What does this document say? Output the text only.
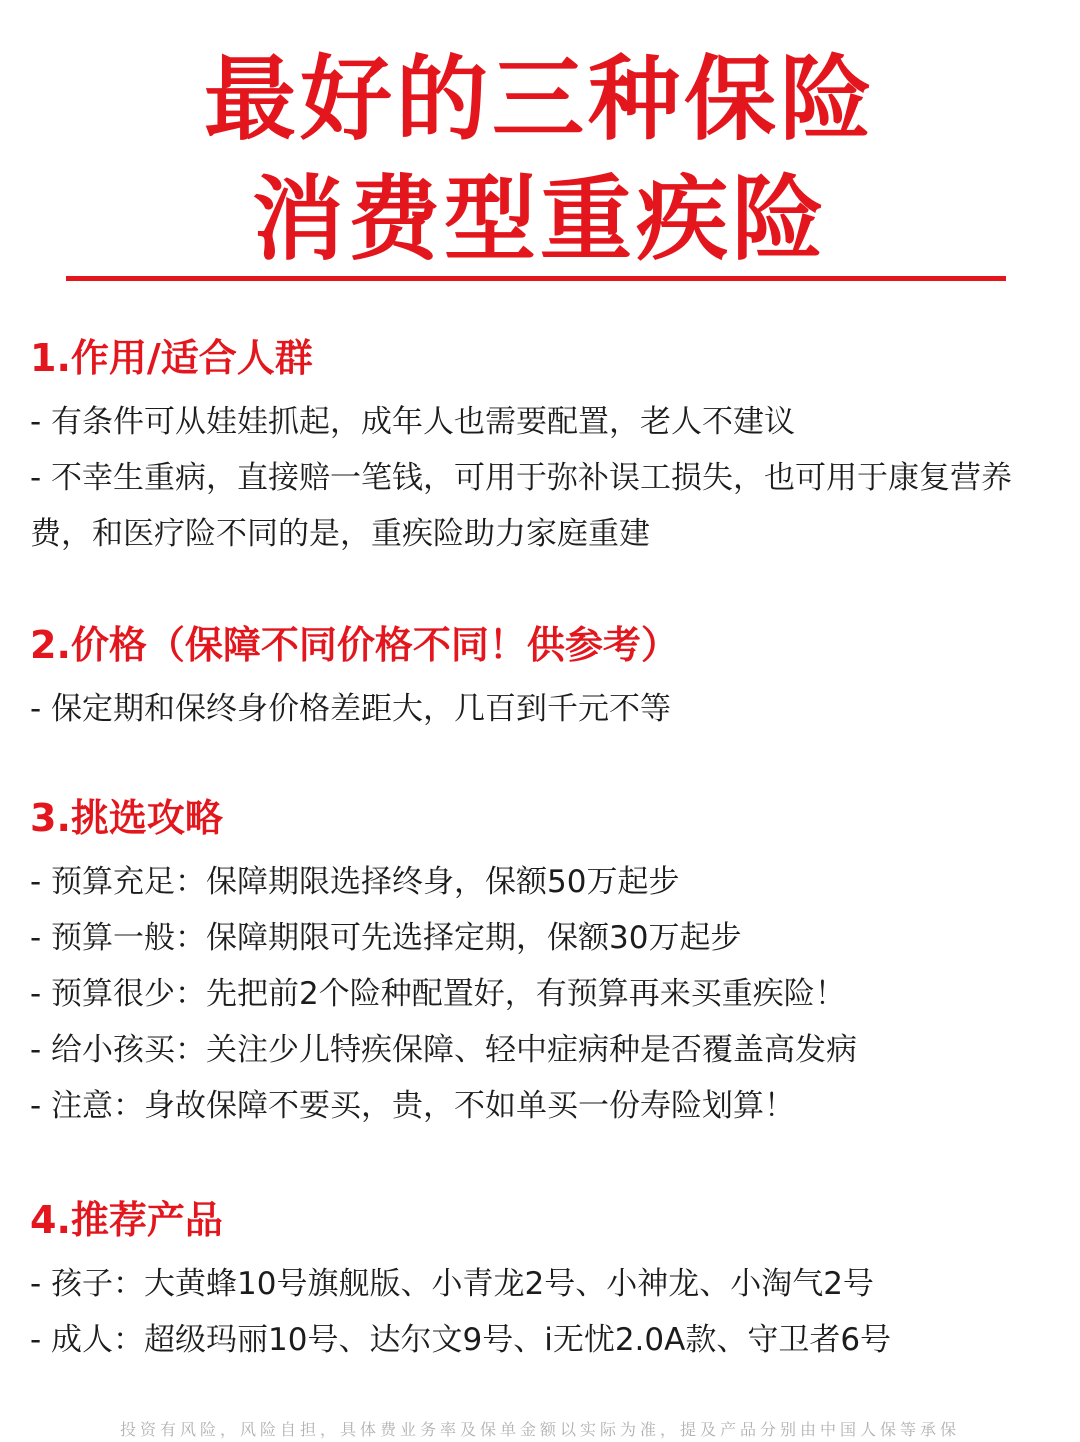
最好的三种保险
消费型重疾险
1.作用/适合人群

- 有条件可从娃娃抓起，成年人也需要配置，老人不建议

- 不幸生重病，直接赔一笔钱，可用于弥补误工损失，也可用于康复营养费，和医疗险不同的是，重疾险助力家庭重建

2.价格（保障不同价格不同！供参考）

- 保定期和保终身价格差距大，几百到千元不等

3.挑选攻略

- 预算充足：保障期限选择终身，保额50万起步

- 预算一般：保障期限可先选择定期，保额30万起步

- 预算很少：先把前2个险种配置好，有预算再来买重疾险！

- 给小孩买：关注少儿特疾保障、轻中症病种是否覆盖高发病

- 注意：身故保障不要买，贵，不如单买一份寿险划算！

4.推荐产品

- 孩子：大黄蜂10号旗舰版、小青龙2号、小神龙、小淘气2号

- 成人：超级玛丽10号、达尔文9号、i无忧2.0A款、守卫者6号

投资有风险，风险自担，具体费业务率及保单金额以实际为准，提及产品分别由中国人保等承保
